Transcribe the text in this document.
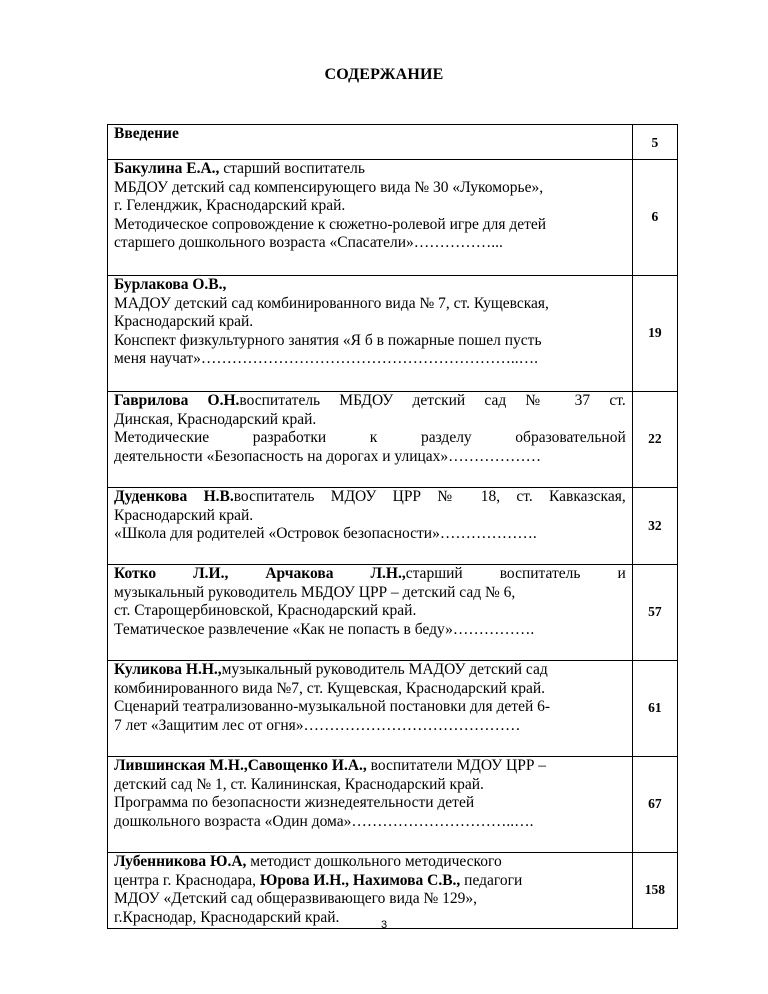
СОДЕРЖАНИЕ
Введение	5

Бакулина Е.А., старший воспитатель
МБДОУ детский сад компенсирующего вида № 30 «Лукоморье»,
г. Геленджик, Краснодарский край.
Методическое сопровождение к сюжетно-ролевой игре для детей
старшего дошкольного возраста «Спасатели»……………...	6

Бурлакова О.В.,
МАДОУ детский сад комбинированного вида № 7, ст. Кущевская,
Краснодарский край.
Конспект физкультурного занятия «Я б в пожарные пошел пусть
меня научат»……………………………………………………..….	19

Гаврилова О.Н.воспитатель МБДОУ детский сад № 37 ст.
Динская, Краснодарский край.
Методические разработки к разделу образовательной
деятельности «Безопасность на дорогах и улицах»………………	22

Дуденкова Н.В.воспитатель МДОУ ЦРР № 18, ст. Кавказская,
Краснодарский край.
«Школа для родителей «Островок безопасности»……………….	32

Котко Л.И., Арчакова Л.Н.,старший воспитатель и
музыкальный руководитель МБДОУ ЦРР – детский сад № 6,
ст. Старощербиновской, Краснодарский край.
Тематическое развлечение «Как не попасть в беду»…………….	57

Куликова Н.Н.,музыкальный руководитель МАДОУ детский сад
комбинированного вида №7, ст. Кущевская, Краснодарский край.
Сценарий театрализованно-музыкальной постановки для детей 6-
7 лет «Защитим лес от огня»……………………………………	61

Лившинская М.Н.,Савощенко И.А., воспитатели МДОУ ЦРР –
детский сад № 1, ст. Калининская, Краснодарский край.
Программа по безопасности жизнедеятельности детей
дошкольного возраста «Один дома»…………………………..….	67

Лубенникова Ю.А, методист дошкольного методического
центра г. Краснодара, Юрова И.Н., Нахимова С.В., педагоги
МДОУ «Детский сад общеразвивающего вида № 129»,
г.Краснодар, Краснодарский край.	158
3
